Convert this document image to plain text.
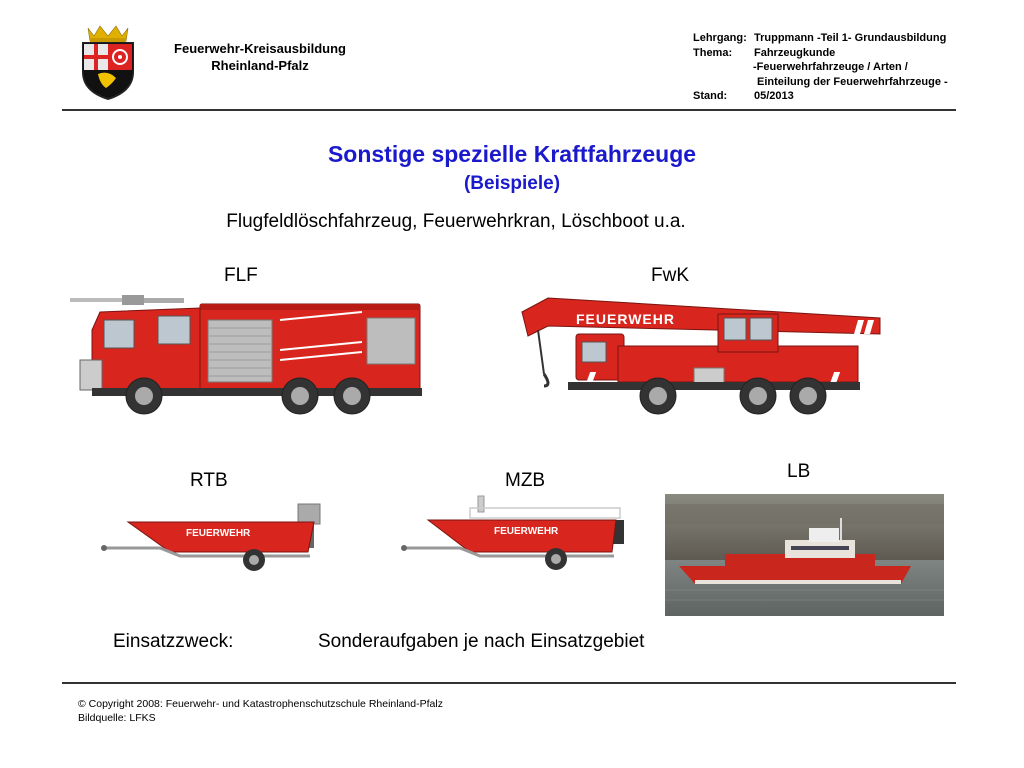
Feuerwehr-Kreisausbildung
Rheinland-Pfalz
Lehrgang: Truppmann -Teil 1- Grundausbildung
Thema:	Fahrzeugkunde
-Feuerwehrfahrzeuge / Arten /
Einteilung der Feuerwehrfahrzeuge -
Stand:	05/2013
Sonstige spezielle Kraftfahrzeuge
(Beispiele)
Flugfeldlöschfahrzeug, Feuerwehrkran, Löschboot u.a.
FLF	FwK
RTB	MZB	LB
FEUERWEHR
FEUERWEHR	FEUERWEHR
Einsatzzweck:	Sonderaufgaben je nach Einsatzgebiet
© Copyright 2008: Feuerwehr- und Katastrophenschutzschule Rheinland-Pfalz
Bildquelle: LFKS
